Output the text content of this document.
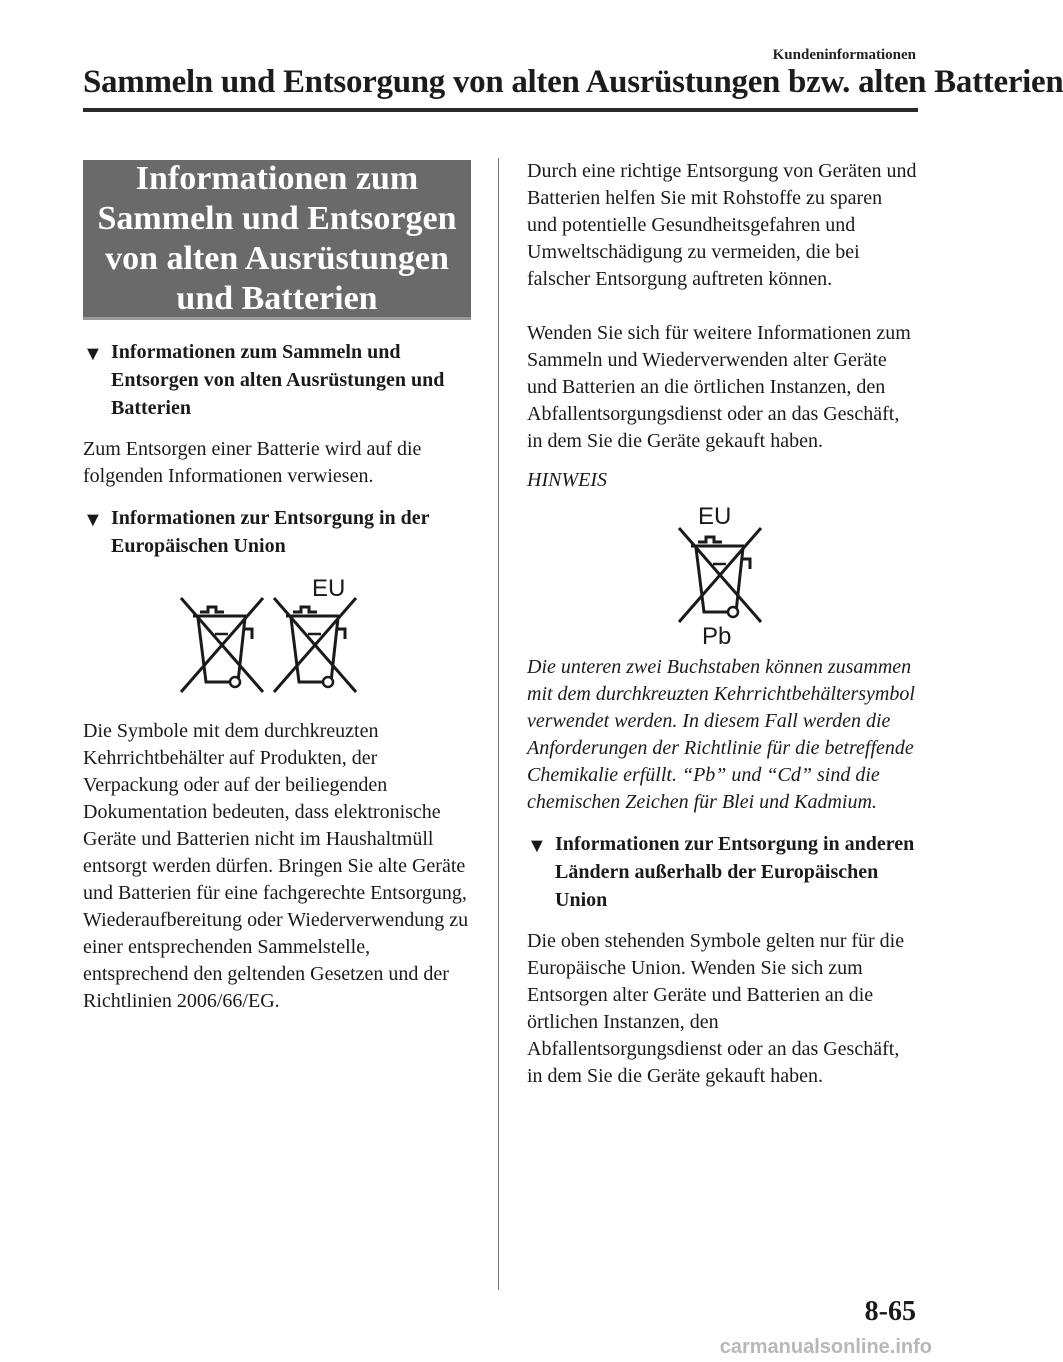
Kundeninformationen
Sammeln und Entsorgung von alten Ausrüstungen bzw. alten Batterien
Informationen zum Sammeln und Entsorgen von alten Ausrüstungen und Batterien
▼ Informationen zum Sammeln und Entsorgen von alten Ausrüstungen und Batterien
Zum Entsorgen einer Batterie wird auf die folgenden Informationen verwiesen.
▼ Informationen zur Entsorgung in der Europäischen Union
EU
Die Symbole mit dem durchkreuzten Kehrrichtbehälter auf Produkten, der Verpackung oder auf der beiliegenden Dokumentation bedeuten, dass elektronische Geräte und Batterien nicht im Haushaltmüll entsorgt werden dürfen. Bringen Sie alte Geräte und Batterien für eine fachgerechte Entsorgung, Wiederaufbereitung oder Wiederverwendung zu einer entsprechenden Sammelstelle, entsprechend den geltenden Gesetzen und der Richtlinien 2006/66/EG.
Durch eine richtige Entsorgung von Geräten und Batterien helfen Sie mit Rohstoffe zu sparen und potentielle Gesundheitsgefahren und Umweltschädigung zu vermeiden, die bei falscher Entsorgung auftreten können.
Wenden Sie sich für weitere Informationen zum Sammeln und Wiederverwenden alter Geräte und Batterien an die örtlichen Instanzen, den Abfallentsorgungsdienst oder an das Geschäft, in dem Sie die Geräte gekauft haben.
HINWEIS
EU
Pb
Die unteren zwei Buchstaben können zusammen mit dem durchkreuzten Kehrrichtbehältersymbol verwendet werden. In diesem Fall werden die Anforderungen der Richtlinie für die betreffende Chemikalie erfüllt. “Pb” und “Cd” sind die chemischen Zeichen für Blei und Kadmium.
▼ Informationen zur Entsorgung in anderen Ländern außerhalb der Europäischen Union
Die oben stehenden Symbole gelten nur für die Europäische Union. Wenden Sie sich zum Entsorgen alter Geräte und Batterien an die örtlichen Instanzen, den Abfallentsorgungsdienst oder an das Geschäft, in dem Sie die Geräte gekauft haben.
8-65
carmanualsonline.info
